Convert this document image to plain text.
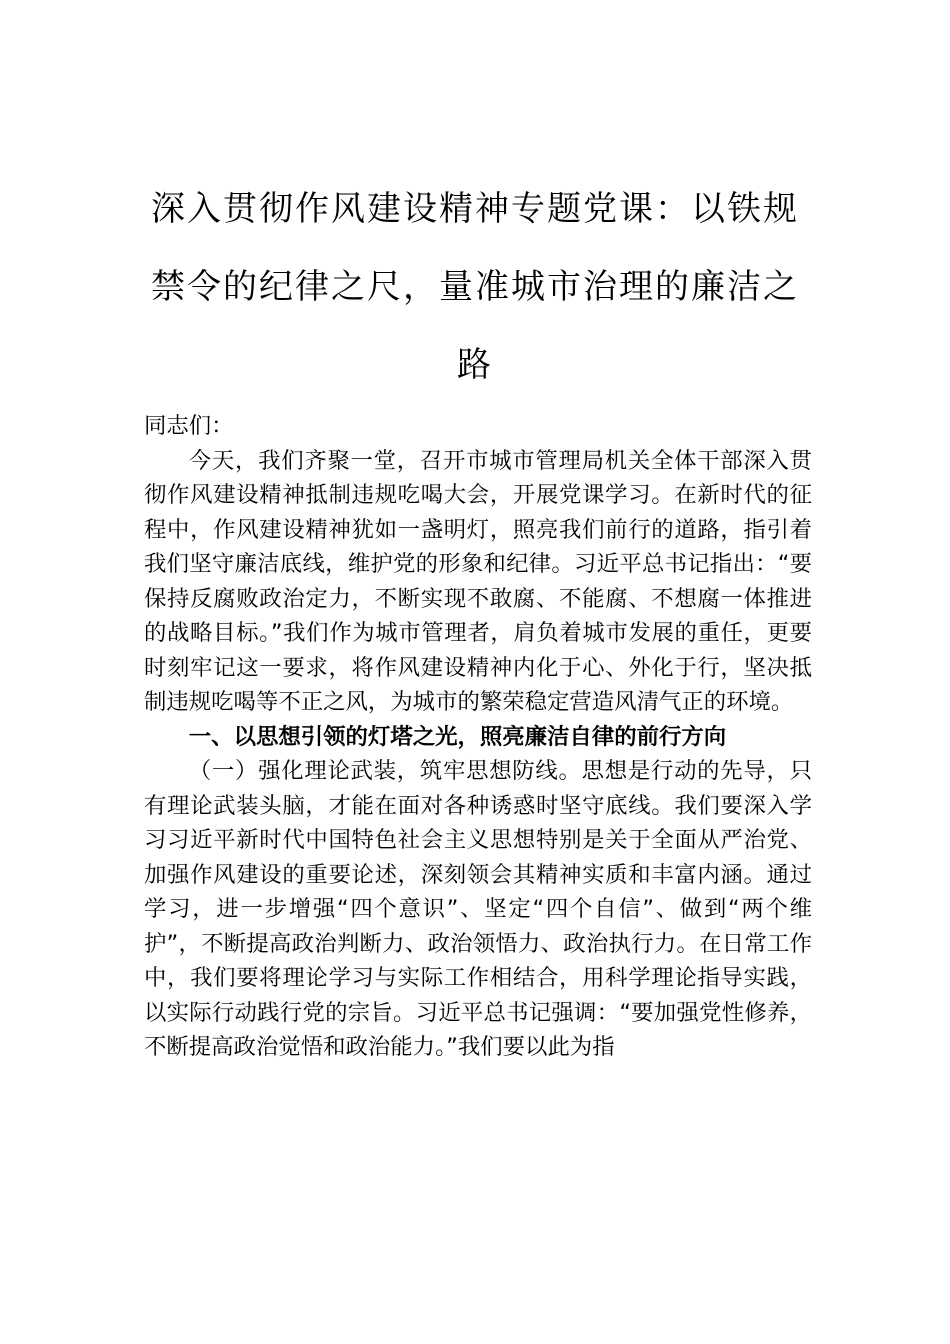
深入贯彻作风建设精神专题党课：以铁规
禁令的纪律之尺，量准城市治理的廉洁之
路

同志们：

今天，我们齐聚一堂，召开市城市管理局机关全体干部深入贯彻作风建设精神抵制违规吃喝大会，开展党课学习。在新时代的征程中，作风建设精神犹如一盏明灯，照亮我们前行的道路，指引着我们坚守廉洁底线，维护党的形象和纪律。习近平总书记指出：“要保持反腐败政治定力，不断实现不敢腐、不能腐、不想腐一体推进的战略目标。”我们作为城市管理者，肩负着城市发展的重任，更要时刻牢记这一要求，将作风建设精神内化于心、外化于行，坚决抵制违规吃喝等不正之风，为城市的繁荣稳定营造风清气正的环境。

一、以思想引领的灯塔之光，照亮廉洁自律的前行方向

（一）强化理论武装，筑牢思想防线。思想是行动的先导，只有理论武装头脑，才能在面对各种诱惑时坚守底线。我们要深入学习习近平新时代中国特色社会主义思想特别是关于全面从严治党、加强作风建设的重要论述，深刻领会其精神实质和丰富内涵。通过学习，进一步增强“四个意识”、坚定“四个自信”、做到“两个维护”，不断提高政治判断力、政治领悟力、政治执行力。在日常工作中，我们要将理论学习与实际工作相结合，用科学理论指导实践，以实际行动践行党的宗旨。习近平总书记强调：“要加强党性修养，不断提高政治觉悟和政治能力。”我们要以此为指
